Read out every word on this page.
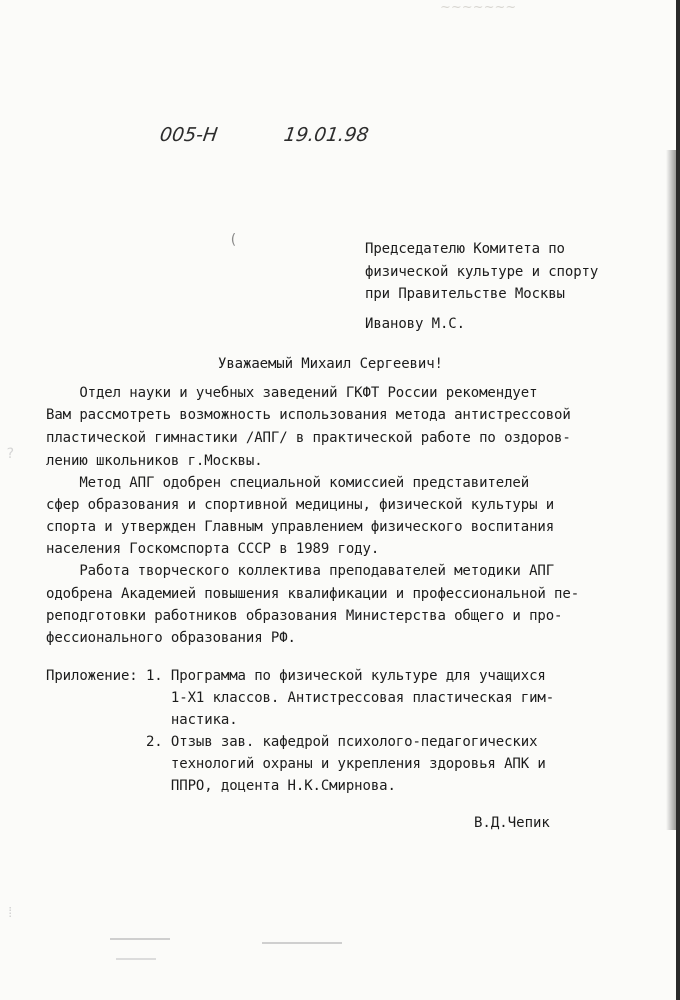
~~~~~~~
005-Н	19.01.98
(
?
Председателю Комитета по
физической культуре и спорту
при Правительстве Москвы
Иванову М.С.
Уважаемый Михаил Сергеевич!
Отдел науки и учебных заведений ГКФТ России рекомендует
Вам рассмотреть возможность использования метода антистрессовой
пластической гимнастики /АПГ/ в практической работе по оздоров-
лению школьников г.Москвы.
Метод АПГ одобрен специальной комиссией представителей
сфер образования и спортивной медицины, физической культуры и
спорта и утвержден Главным управлением физического воспитания
населения Госкомспорта СССР в 1989 году.
Работа творческого коллектива преподавателей методики АПГ
одобрена Академией повышения квалификации и профессиональной пе-
реподготовки работников образования Министерства общего и про-
фессионального образования РФ.
Приложение: 1. Программа по физической культуре для учащихся
1-Х1 классов. Антистрессовая пластическая гим-
настика.
2. Отзыв зав. кафедрой психолого-педагогических
технологий охраны и укрепления здоровья АПК и
ППРО, доцента Н.К.Смирнова.
В.Д.Чепик
⁞
